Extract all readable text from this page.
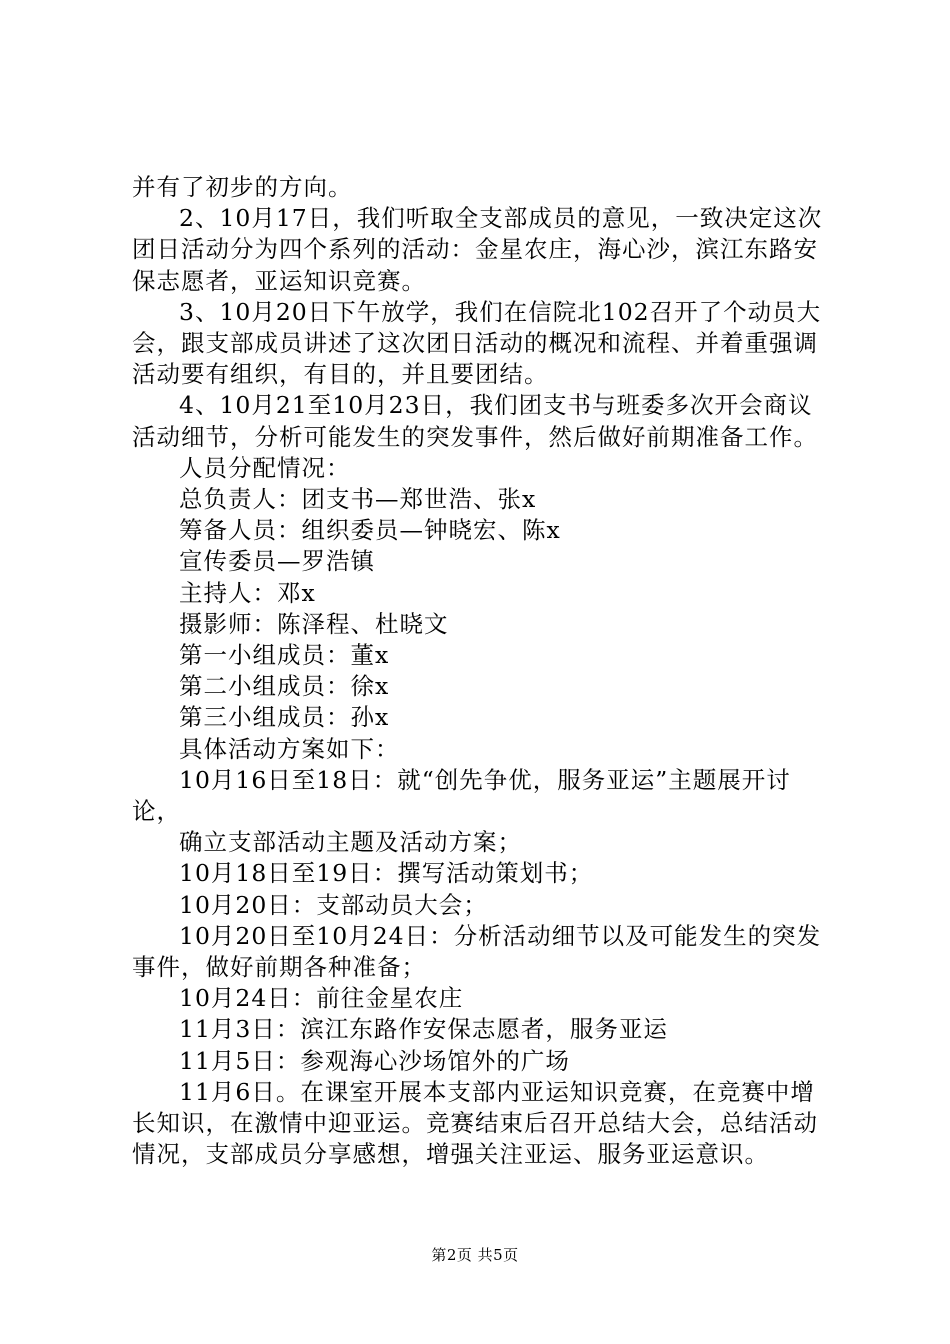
并有了初步的方向。

2、10月17日，我们听取全支部成员的意见，一致决定这次团日活动分为四个系列的活动：金星农庄，海心沙，滨江东路安保志愿者，亚运知识竞赛。

3、10月20日下午放学，我们在信院北102召开了个动员大会，跟支部成员讲述了这次团日活动的概况和流程、并着重强调活动要有组织，有目的，并且要团结。

4、10月21至10月23日，我们团支书与班委多次开会商议活动细节，分析可能发生的突发事件，然后做好前期准备工作。

人员分配情况：

总负责人：团支书—郑世浩、张x

筹备人员：组织委员—钟晓宏、陈x

宣传委员—罗浩镇

主持人：邓x

摄影师：陈泽程、杜晓文

第一小组成员：董x

第二小组成员：徐x

第三小组成员：孙x

具体活动方案如下：

10月16日至18日：就“创先争优，服务亚运”主题展开讨论，

确立支部活动主题及活动方案；

10月18日至19日：撰写活动策划书；

10月20日：支部动员大会；

10月20日至10月24日：分析活动细节以及可能发生的突发事件，做好前期各种准备；

10月24日：前往金星农庄

11月3日：滨江东路作安保志愿者，服务亚运

11月5日：参观海心沙场馆外的广场

11月6日。在课室开展本支部内亚运知识竞赛，在竞赛中增长知识，在激情中迎亚运。竞赛结束后召开总结大会，总结活动情况，支部成员分享感想，增强关注亚运、服务亚运意识。

第2页 共5页
